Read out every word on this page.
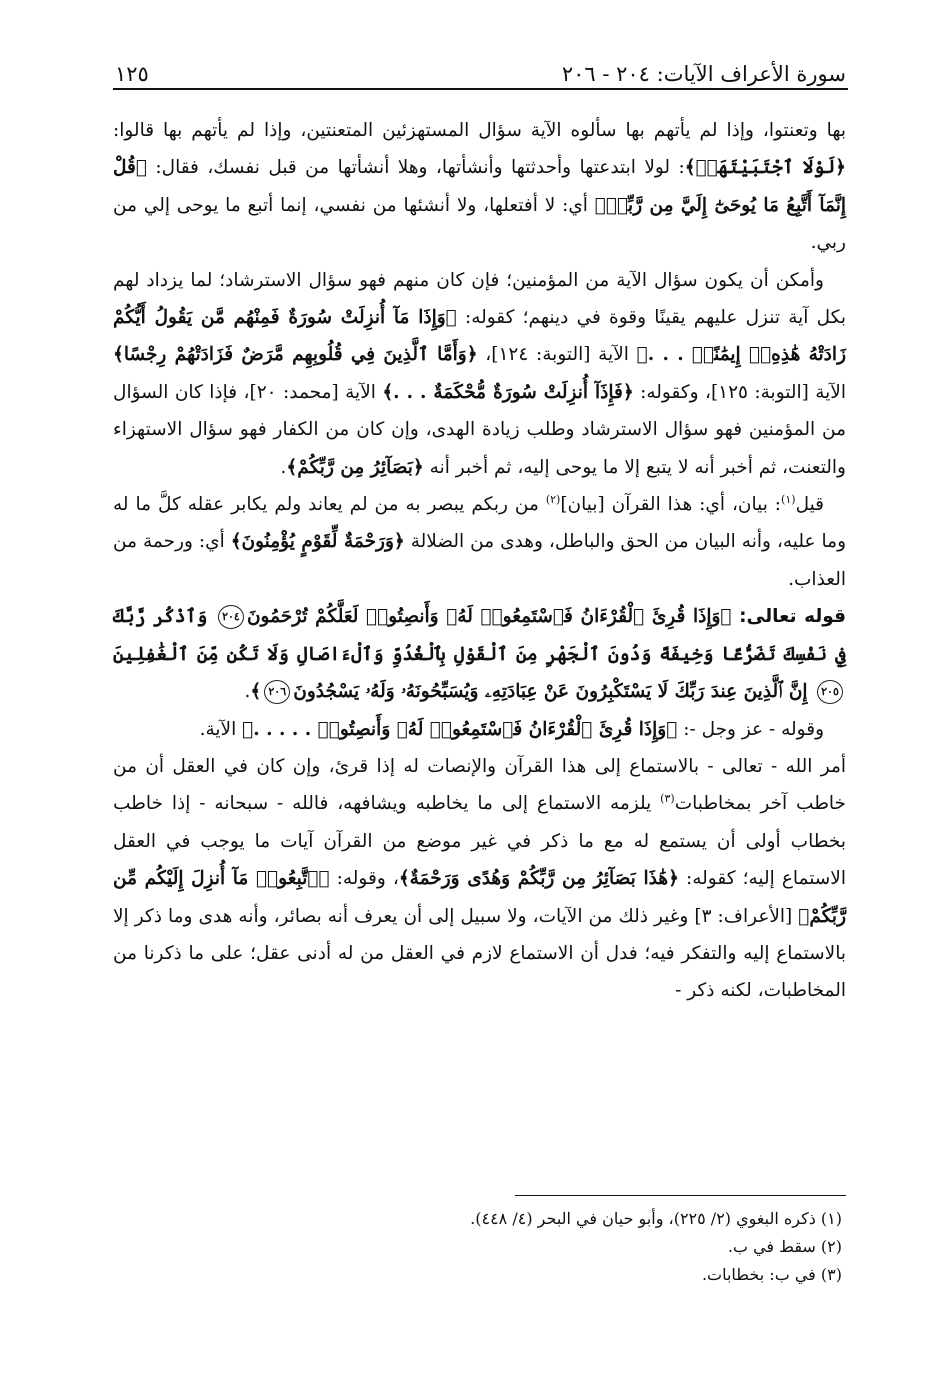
سورة الأعراف الآيات: ٢٠٤ - ٢٠٦
١٢٥

بها وتعنتوا، وإذا لم يأتهم بها سألوه الآية سؤال المستهزئين المتعنتين، وإذا لم يأتهم بها قالوا: ﴿لَوْلَا ٱجْتَبَيْتَهَاۚ﴾: لولا ابتدعتها وأحدثتها وأنشأتها، وهلا أنشأتها من قبل نفسك، فقال: ﴿قُلْ إِنَّمَآ أَتَّبِعُ مَا يُوحَىٰٓ إِلَيَّ مِن رَّبِّيۚ﴾ أي: لا أفتعلها، ولا أنشئها من نفسي، إنما أتبع ما يوحى إلي من ربي.

وأمكن أن يكون سؤال الآية من المؤمنين؛ فإن كان منهم فهو سؤال الاسترشاد؛ لما يزداد لهم بكل آية تنزل عليهم يقينًا وقوة في دينهم؛ كقوله: ﴿وَإِذَا مَآ أُنزِلَتْ سُورَةٌ فَمِنْهُم مَّن يَقُولُ أَيُّكُمْ زَادَتْهُ هَٰذِهِۦٓ إِيمَٰنًاۚ . . .﴾ الآية [التوبة: ١٢٤]، ﴿وَأَمَّا ٱلَّذِينَ فِي قُلُوبِهِم مَّرَضٌ فَزَادَتْهُمْ رِجْسًا﴾ الآية [التوبة: ١٢٥]، وكقوله: ﴿فَإِذَآ أُنزِلَتْ سُورَةٌ مُّحْكَمَةٌ . . .﴾ الآية [محمد: ٢٠]، فإذا كان السؤال من المؤمنين فهو سؤال الاسترشاد وطلب زيادة الهدى، وإن كان من الكفار فهو سؤال الاستهزاء والتعنت، ثم أخبر أنه لا يتبع إلا ما يوحى إليه، ثم أخبر أنه ﴿بَصَآئِرُ مِن رَّبِّكُمْ﴾.

قيل$^{(١)}$: بيان، أي: هذا القرآن [بيان]$^{(٢)}$ من ربكم يبصر به من لم يعاند ولم يكابر عقله كلَّ ما له وما عليه، وأنه البيان من الحق والباطل، وهدى من الضلالة ﴿وَرَحْمَةٌ لِّقَوْمٍ يُؤْمِنُونَ﴾ أي: ورحمة من العذاب.

قوله تعالى: ﴿وَإِذَا قُرِئَ ٱلْقُرْءَانُ فَٱسْتَمِعُوا۟ لَهُۥ وَأَنصِتُوا۟ لَعَلَّكُمْ تُرْحَمُونَ٢٠٤ وَٱذْكُر رَّبَّكَ فِي نَفْسِكَ تَضَرُّعًا وَخِيفَةً وَدُونَ ٱلْجَهْرِ مِنَ ٱلْقَوْلِ بِٱلْغُدُوِّ وَٱلْءَاصَالِ وَلَا تَكُن مِّنَ ٱلْغَٰفِلِينَ٢٠٥ إِنَّ ٱلَّذِينَ عِندَ رَبِّكَ لَا يَسْتَكْبِرُونَ عَنْ عِبَادَتِهِۦ وَيُسَبِّحُونَهُۥ وَلَهُۥ يَسْجُدُونَ٢٠٦﴾.

وقوله - عز وجل -: ﴿وَإِذَا قُرِئَ ٱلْقُرْءَانُ فَٱسْتَمِعُوا۟ لَهُۥ وَأَنصِتُوا۟ . . . . .﴾ الآية.

أمر الله - تعالى - بالاستماع إلى هذا القرآن والإنصات له إذا قرئ، وإن كان في العقل أن من خاطب آخر بمخاطبات$^{(٣)}$ يلزمه الاستماع إلى ما يخاطبه ويشافهه، فالله - سبحانه - إذا خاطب بخطاب أولى أن يستمع له مع ما ذكر في غير موضع من القرآن آيات ما يوجب في العقل الاستماع إليه؛ كقوله: ﴿هَٰذَا بَصَآئِرُ مِن رَّبِّكُمْ وَهُدًى وَرَحْمَةٌ﴾، وقوله: ﴿ٱتَّبِعُوا۟ مَآ أُنزِلَ إِلَيْكُم مِّن رَّبِّكُمْ﴾ [الأعراف: ٣] وغير ذلك من الآيات، ولا سبيل إلى أن يعرف أنه بصائر، وأنه هدى وما ذكر إلا بالاستماع إليه والتفكر فيه؛ فدل أن الاستماع لازم في العقل من له أدنى عقل؛ على ما ذكرنا من المخاطبات، لكنه ذكر -

(١) ذكره البغوي (٢/ ٢٢٥)، وأبو حيان في البحر (٤/ ٤٤٨).

(٢) سقط في ب.

(٣) في ب: بخطابات.
